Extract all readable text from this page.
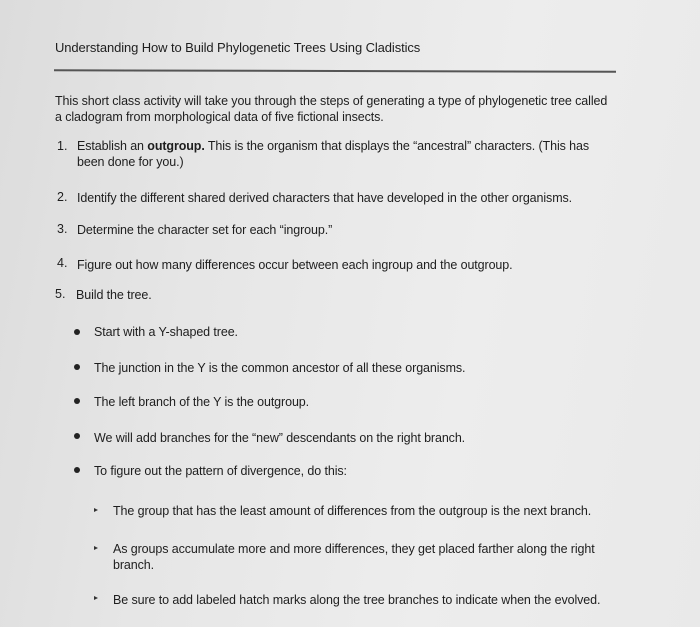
Understanding How to Build Phylogenetic Trees Using Cladistics
This short class activity will take you through the steps of generating a type of phylogenetic tree called a cladogram from morphological data of five fictional insects.
1. Establish an outgroup. This is the organism that displays the “ancestral” characters. (This has been done for you.)
2. Identify the different shared derived characters that have developed in the other organisms.
3. Determine the character set for each “ingroup.”
4. Figure out how many differences occur between each ingroup and the outgroup.
5. Build the tree.
Start with a Y-shaped tree.
The junction in the Y is the common ancestor of all these organisms.
The left branch of the Y is the outgroup.
We will add branches for the “new” descendants on the right branch.
To figure out the pattern of divergence, do this:
The group that has the least amount of differences from the outgroup is the next branch.
As groups accumulate more and more differences, they get placed farther along the right branch.
Be sure to add labeled hatch marks along the tree branches to indicate when the evolved.
